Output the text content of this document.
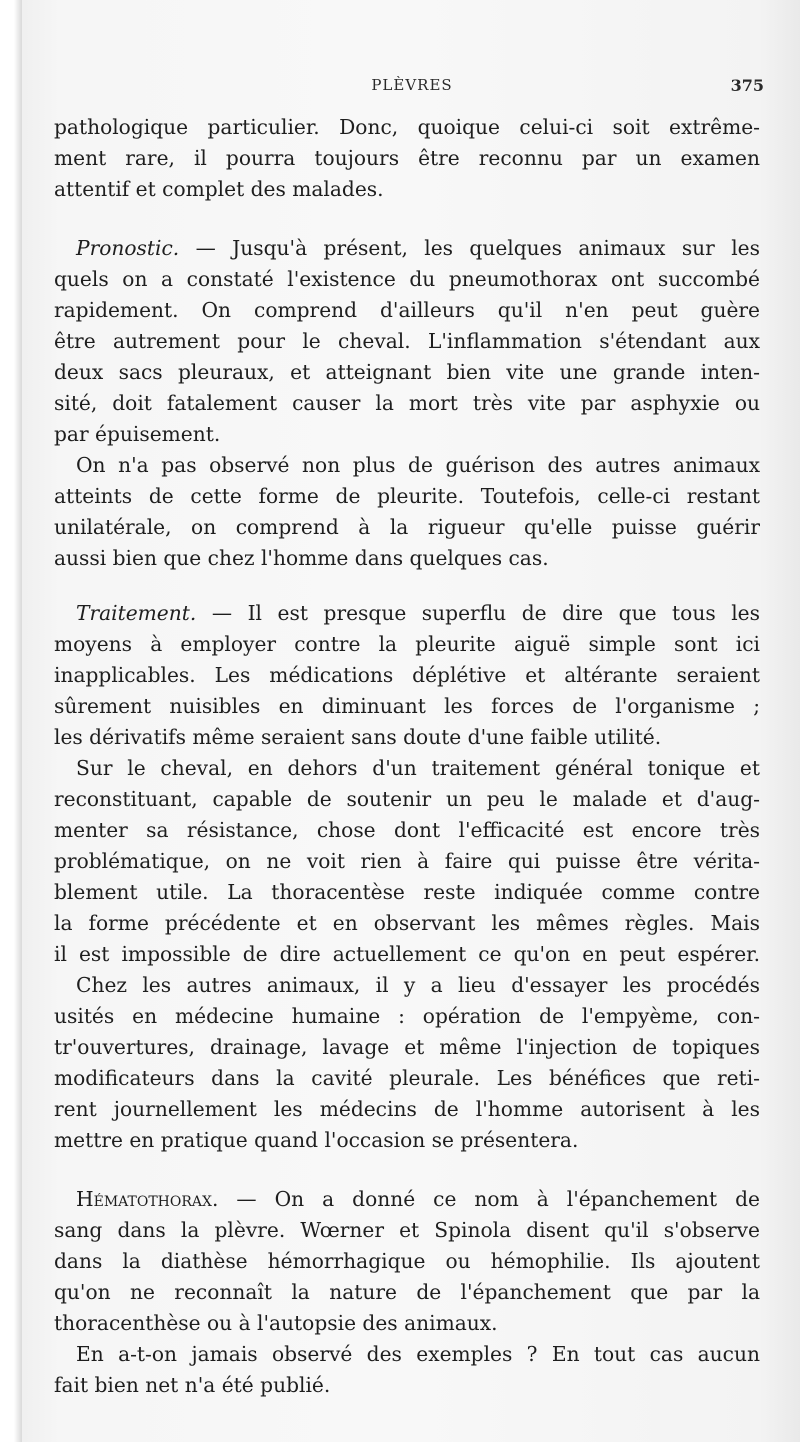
PLÈVRES	375
pathologique particulier. Donc, quoique celui-ci soit extrême-
ment rare, il pourra toujours être reconnu par un examen
attentif et complet des malades.
Pronostic. — Jusqu'à présent, les quelques animaux sur les
quels on a constaté l'existence du pneumothorax ont succombé
rapidement. On comprend d'ailleurs qu'il n'en peut guère
être autrement pour le cheval. L'inflammation s'étendant aux
deux sacs pleuraux, et atteignant bien vite une grande inten-
sité, doit fatalement causer la mort très vite par asphyxie ou
par épuisement.
On n'a pas observé non plus de guérison des autres animaux
atteints de cette forme de pleurite. Toutefois, celle-ci restant
unilatérale, on comprend à la rigueur qu'elle puisse guérir
aussi bien que chez l'homme dans quelques cas.
Traitement. — Il est presque superflu de dire que tous les
moyens à employer contre la pleurite aiguë simple sont ici
inapplicables. Les médications déplétive et altérante seraient
sûrement nuisibles en diminuant les forces de l'organisme ;
les dérivatifs même seraient sans doute d'une faible utilité.
Sur le cheval, en dehors d'un traitement général tonique et
reconstituant, capable de soutenir un peu le malade et d'aug-
menter sa résistance, chose dont l'efficacité est encore très
problématique, on ne voit rien à faire qui puisse être vérita-
blement utile. La thoracentèse reste indiquée comme contre
la forme précédente et en observant les mêmes règles. Mais
il est impossible de dire actuellement ce qu'on en peut espérer.
Chez les autres animaux, il y a lieu d'essayer les procédés
usités en médecine humaine : opération de l'empyème, con-
tr'ouvertures, drainage, lavage et même l'injection de topiques
modificateurs dans la cavité pleurale. Les bénéfices que reti-
rent journellement les médecins de l'homme autorisent à les
mettre en pratique quand l'occasion se présentera.
Hématothorax. — On a donné ce nom à l'épanchement de
sang dans la plèvre. Wœrner et Spinola disent qu'il s'observe
dans la diathèse hémorrhagique ou hémophilie. Ils ajoutent
qu'on ne reconnaît la nature de l'épanchement que par la
thoracenthèse ou à l'autopsie des animaux.
En a-t-on jamais observé des exemples ? En tout cas aucun
fait bien net n'a été publié.
